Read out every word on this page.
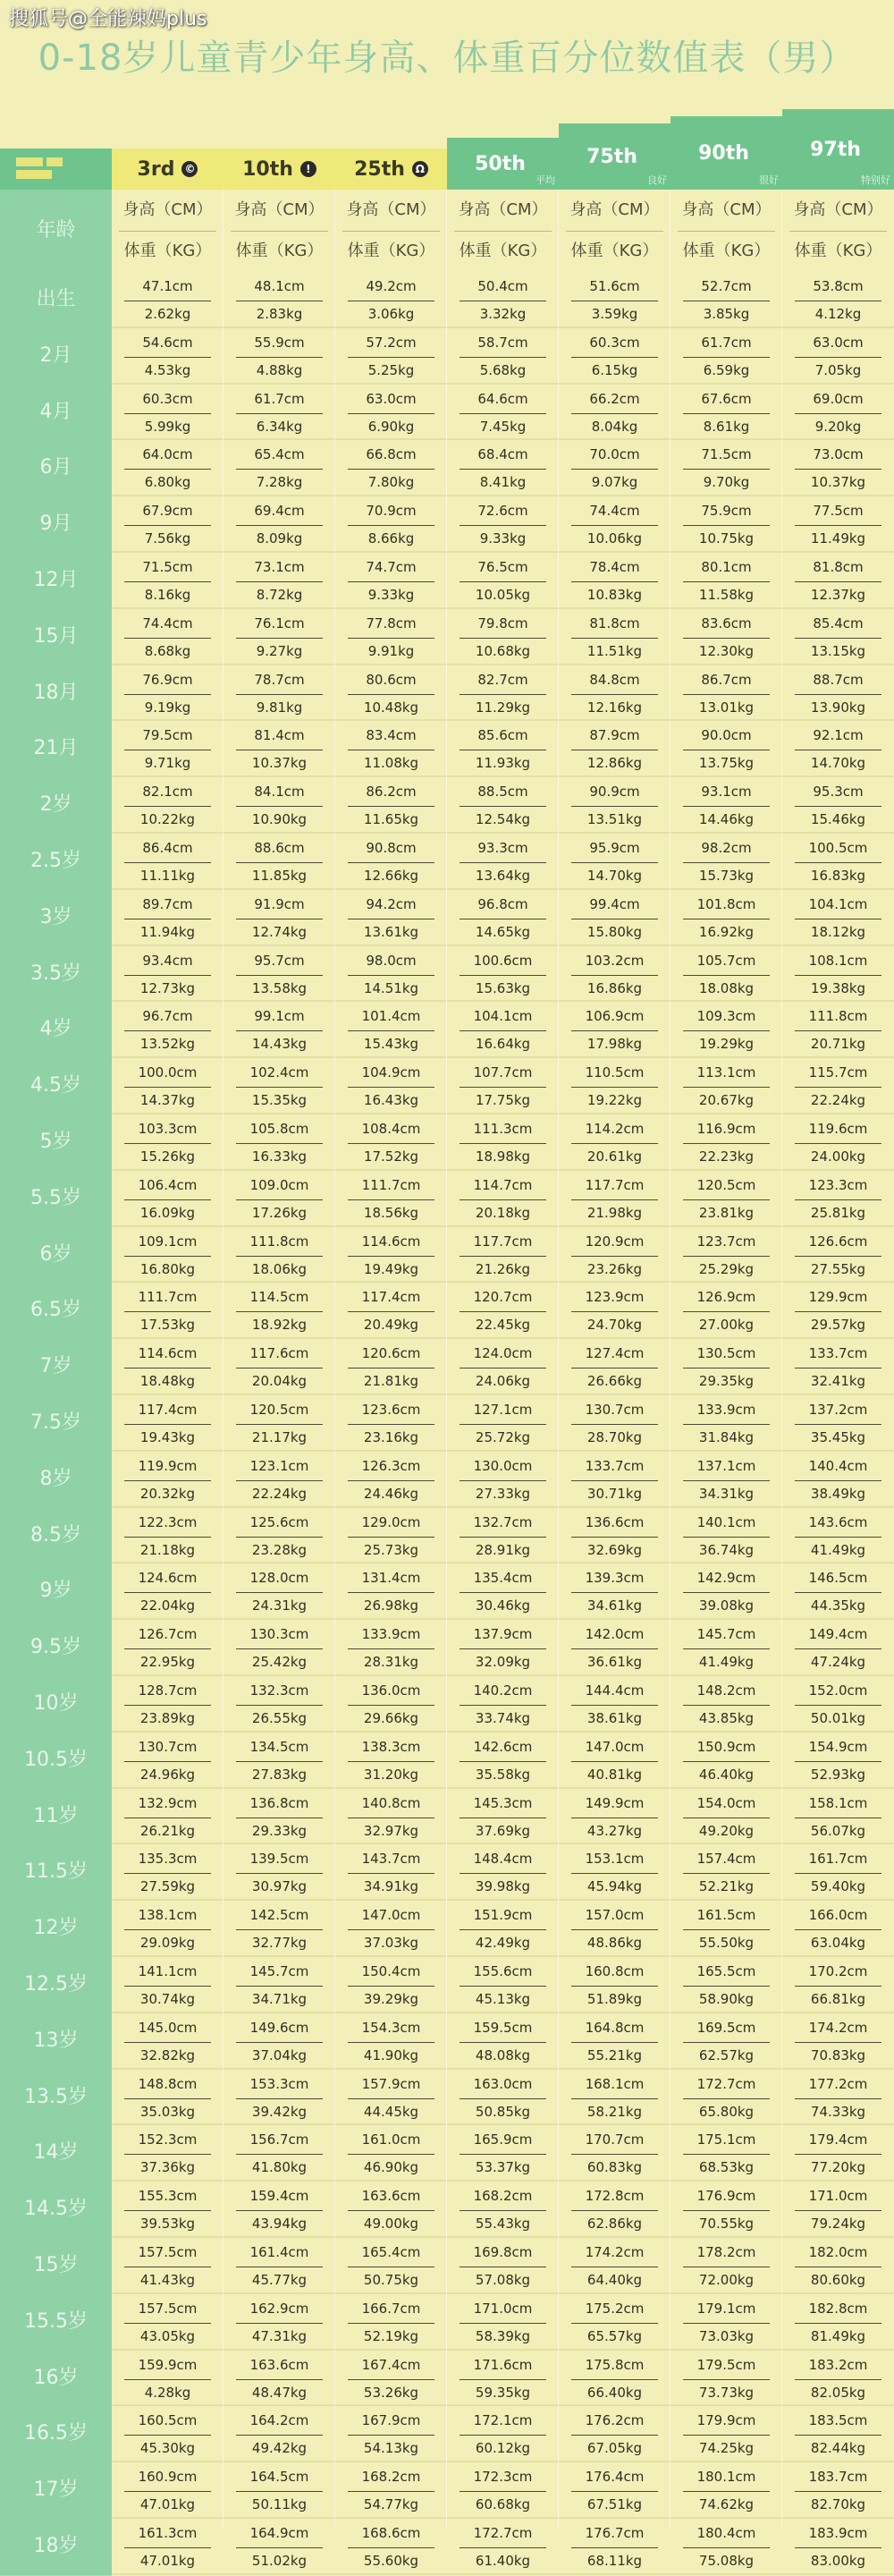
搜狐号@全能辣妈plus
0-18岁儿童青少年身高、体重百分位数值表（男）
3rd © 10th	! 25th Ω	50th
平均
75th
良好
90th
很好
97th
特别好
年龄
身高（CM）
体重（KG）
身高（CM）
体重（KG）
身高（CM）
体重（KG）
身高（CM）
体重（KG）
身高（CM）
体重（KG）
身高（CM）
体重（KG）
身高（CM）
体重（KG）
出生
47.1cm
2.62kg
48.1cm
2.83kg
49.2cm
3.06kg
50.4cm
3.32kg
51.6cm
3.59kg
52.7cm
3.85kg
53.8cm
4.12kg
2月
54.6cm
4.53kg
55.9cm
4.88kg
57.2cm
5.25kg
58.7cm
5.68kg
60.3cm
6.15kg
61.7cm
6.59kg
63.0cm
7.05kg
4月
60.3cm
5.99kg
61.7cm
6.34kg
63.0cm
6.90kg
64.6cm
7.45kg
66.2cm
8.04kg
67.6cm
8.61kg
69.0cm
9.20kg
6月
64.0cm
6.80kg
65.4cm
7.28kg
66.8cm
7.80kg
68.4cm
8.41kg
70.0cm
9.07kg
71.5cm
9.70kg
73.0cm
10.37kg
9月
67.9cm
7.56kg
69.4cm
8.09kg
70.9cm
8.66kg
72.6cm
9.33kg
74.4cm
10.06kg
75.9cm
10.75kg
77.5cm
11.49kg
12月
71.5cm
8.16kg
73.1cm
8.72kg
74.7cm
9.33kg
76.5cm
10.05kg
78.4cm
10.83kg
80.1cm
11.58kg
81.8cm
12.37kg
15月
74.4cm
8.68kg
76.1cm
9.27kg
77.8cm
9.91kg
79.8cm
10.68kg
81.8cm
11.51kg
83.6cm
12.30kg
85.4cm
13.15kg
18月
76.9cm
9.19kg
78.7cm
9.81kg
80.6cm
10.48kg
82.7cm
11.29kg
84.8cm
12.16kg
86.7cm
13.01kg
88.7cm
13.90kg
21月
79.5cm
9.71kg
81.4cm
10.37kg
83.4cm
11.08kg
85.6cm
11.93kg
87.9cm
12.86kg
90.0cm
13.75kg
92.1cm
14.70kg
2岁
82.1cm
10.22kg
84.1cm
10.90kg
86.2cm
11.65kg
88.5cm
12.54kg
90.9cm
13.51kg
93.1cm
14.46kg
95.3cm
15.46kg
2.5岁
86.4cm
11.11kg
88.6cm
11.85kg
90.8cm
12.66kg
93.3cm
13.64kg
95.9cm
14.70kg
98.2cm
15.73kg
100.5cm
16.83kg
3岁
89.7cm
11.94kg
91.9cm
12.74kg
94.2cm
13.61kg
96.8cm
14.65kg
99.4cm
15.80kg
101.8cm
16.92kg
104.1cm
18.12kg
3.5岁
93.4cm
12.73kg
95.7cm
13.58kg
98.0cm
14.51kg
100.6cm
15.63kg
103.2cm
16.86kg
105.7cm
18.08kg
108.1cm
19.38kg
4岁
96.7cm
13.52kg
99.1cm
14.43kg
101.4cm
15.43kg
104.1cm
16.64kg
106.9cm
17.98kg
109.3cm
19.29kg
111.8cm
20.71kg
4.5岁
100.0cm
14.37kg
102.4cm
15.35kg
104.9cm
16.43kg
107.7cm
17.75kg
110.5cm
19.22kg
113.1cm
20.67kg
115.7cm
22.24kg
5岁
103.3cm
15.26kg
105.8cm
16.33kg
108.4cm
17.52kg
111.3cm
18.98kg
114.2cm
20.61kg
116.9cm
22.23kg
119.6cm
24.00kg
5.5岁
106.4cm
16.09kg
109.0cm
17.26kg
111.7cm
18.56kg
114.7cm
20.18kg
117.7cm
21.98kg
120.5cm
23.81kg
123.3cm
25.81kg
6岁
109.1cm
16.80kg
111.8cm
18.06kg
114.6cm
19.49kg
117.7cm
21.26kg
120.9cm
23.26kg
123.7cm
25.29kg
126.6cm
27.55kg
6.5岁
111.7cm
17.53kg
114.5cm
18.92kg
117.4cm
20.49kg
120.7cm
22.45kg
123.9cm
24.70kg
126.9cm
27.00kg
129.9cm
29.57kg
7岁
114.6cm
18.48kg
117.6cm
20.04kg
120.6cm
21.81kg
124.0cm
24.06kg
127.4cm
26.66kg
130.5cm
29.35kg
133.7cm
32.41kg
7.5岁
117.4cm
19.43kg
120.5cm
21.17kg
123.6cm
23.16kg
127.1cm
25.72kg
130.7cm
28.70kg
133.9cm
31.84kg
137.2cm
35.45kg
8岁
119.9cm
20.32kg
123.1cm
22.24kg
126.3cm
24.46kg
130.0cm
27.33kg
133.7cm
30.71kg
137.1cm
34.31kg
140.4cm
38.49kg
8.5岁
122.3cm
21.18kg
125.6cm
23.28kg
129.0cm
25.73kg
132.7cm
28.91kg
136.6cm
32.69kg
140.1cm
36.74kg
143.6cm
41.49kg
9岁
124.6cm
22.04kg
128.0cm
24.31kg
131.4cm
26.98kg
135.4cm
30.46kg
139.3cm
34.61kg
142.9cm
39.08kg
146.5cm
44.35kg
9.5岁
126.7cm
22.95kg
130.3cm
25.42kg
133.9cm
28.31kg
137.9cm
32.09kg
142.0cm
36.61kg
145.7cm
41.49kg
149.4cm
47.24kg
10岁
128.7cm
23.89kg
132.3cm
26.55kg
136.0cm
29.66kg
140.2cm
33.74kg
144.4cm
38.61kg
148.2cm
43.85kg
152.0cm
50.01kg
10.5岁
130.7cm
24.96kg
134.5cm
27.83kg
138.3cm
31.20kg
142.6cm
35.58kg
147.0cm
40.81kg
150.9cm
46.40kg
154.9cm
52.93kg
11岁
132.9cm
26.21kg
136.8cm
29.33kg
140.8cm
32.97kg
145.3cm
37.69kg
149.9cm
43.27kg
154.0cm
49.20kg
158.1cm
56.07kg
11.5岁
135.3cm
27.59kg
139.5cm
30.97kg
143.7cm
34.91kg
148.4cm
39.98kg
153.1cm
45.94kg
157.4cm
52.21kg
161.7cm
59.40kg
12岁
138.1cm
29.09kg
142.5cm
32.77kg
147.0cm
37.03kg
151.9cm
42.49kg
157.0cm
48.86kg
161.5cm
55.50kg
166.0cm
63.04kg
12.5岁
141.1cm
30.74kg
145.7cm
34.71kg
150.4cm
39.29kg
155.6cm
45.13kg
160.8cm
51.89kg
165.5cm
58.90kg
170.2cm
66.81kg
13岁
145.0cm
32.82kg
149.6cm
37.04kg
154.3cm
41.90kg
159.5cm
48.08kg
164.8cm
55.21kg
169.5cm
62.57kg
174.2cm
70.83kg
13.5岁
148.8cm
35.03kg
153.3cm
39.42kg
157.9cm
44.45kg
163.0cm
50.85kg
168.1cm
58.21kg
172.7cm
65.80kg
177.2cm
74.33kg
14岁
152.3cm
37.36kg
156.7cm
41.80kg
161.0cm
46.90kg
165.9cm
53.37kg
170.7cm
60.83kg
175.1cm
68.53kg
179.4cm
77.20kg
14.5岁
155.3cm
39.53kg
159.4cm
43.94kg
163.6cm
49.00kg
168.2cm
55.43kg
172.8cm
62.86kg
176.9cm
70.55kg
171.0cm
79.24kg
15岁
157.5cm
41.43kg
161.4cm
45.77kg
165.4cm
50.75kg
169.8cm
57.08kg
174.2cm
64.40kg
178.2cm
72.00kg
182.0cm
80.60kg
15.5岁
157.5cm
43.05kg
162.9cm
47.31kg
166.7cm
52.19kg
171.0cm
58.39kg
175.2cm
65.57kg
179.1cm
73.03kg
182.8cm
81.49kg
16岁
159.9cm
4.28kg
163.6cm
48.47kg
167.4cm
53.26kg
171.6cm
59.35kg
175.8cm
66.40kg
179.5cm
73.73kg
183.2cm
82.05kg
16.5岁
160.5cm
45.30kg
164.2cm
49.42kg
167.9cm
54.13kg
172.1cm
60.12kg
176.2cm
67.05kg
179.9cm
74.25kg
183.5cm
82.44kg
17岁
160.9cm
47.01kg
164.5cm
50.11kg
168.2cm
54.77kg
172.3cm
60.68kg
176.4cm
67.51kg
180.1cm
74.62kg
183.7cm
82.70kg
18岁
161.3cm
47.01kg
164.9cm
51.02kg
168.6cm
55.60kg
172.7cm
61.40kg
176.7cm
68.11kg
180.4cm
75.08kg
183.9cm
83.00kg
